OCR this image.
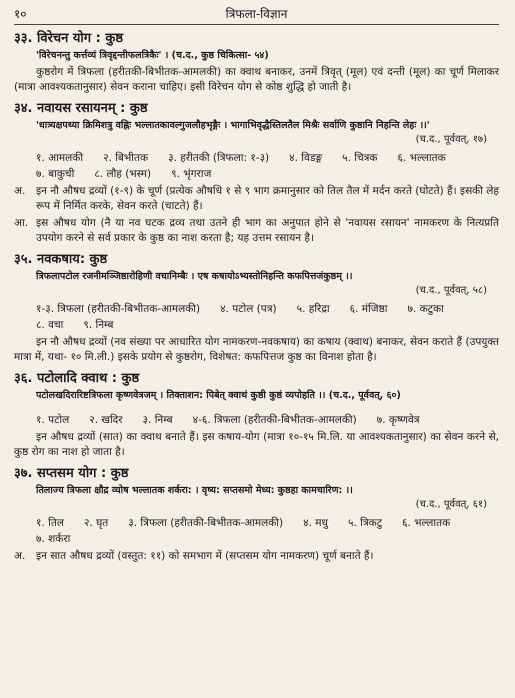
१०	त्रिफला-विज्ञान
३३. विरेचन योग : कुष्ठ
'विरेचनन्तु कर्त्तव्यं त्रिवृद्दन्तीफलत्रिकैः' । (च.द., कुष्ठ चिकित्सा- ५४)
कुष्ठरोग में त्रिफला (हरीतकी-बिभीतक-आमलकी) का क्वाथ बनाकर, उनमें त्रिवृत् (मूल) एवं दन्ती (मूल) का चूर्ण मिलाकर (मात्रा आवश्यकतानुसार) सेवन कराना चाहिए। इसी विरेचन योग से कोष्ठ शुद्धि हो जाती है।
३४. नवायस रसायनम् : कुष्ठ
'धात्र्यक्षपथ्या क्रिमिशत्रु वह्निः भल्लातकावल्गुजलौहभृङ्गैः । भागाभिवृद्धैस्तिलतैल मिश्रैः सर्वाणि कुष्ठानि निहन्ति लेहः ।।'
(च.द., पूर्ववत्, १७)
१. आमलकी २. बिभीतक ३. हरीतकी (त्रिफला: १-३) ४. विडङ्ग ५. चित्रक ६. भल्लातक
७. बाकुची ८. लौह (भस्म) ९. भृंगराज
अ.	इन नौ औषध द्रव्यों (१-९) के चूर्ण (प्रत्येक औषधि १ से ९ भाग क्रमानुसार को तिल तैल में मर्दन करते (घोटते) हैं। इसकी लेह रूप में निर्मित करके, सेवन करते (चाटते) हैं।
आ. इस औषध योग (नै या नव घटक द्रव्य तथा उतने ही भाग का अनुपात होने से 'नवायस रसायन' नामकरण के नित्यप्रति उपयोग करने से सर्व प्रकार के कुष्ठ का नाश करता है; यह उत्तम रसायन है।
३५. नवकषाय: कुष्ठ
त्रिफलापटोल रजनीमञ्जिष्ठारोहिणी वचानिम्बैः । एष कषायोऽभ्यस्तोनिहन्ति कफपित्तजंकुष्ठम् ।।
(च.द., पूर्ववत्, ५८)
१-३. त्रिफला (हरीतकी-बिभीतक-आमलकी) ४. पटोल (पत्र) ५. हरिद्रा ६. मंजिष्ठा ७. कटुका
८. वचा ९. निम्ब
इन नौ औषध द्रव्यों (नव संख्या पर आधारित योग नामकरण-नवकषाय) का कषाय (क्वाथ) बनाकर, सेवन कराते हैं (उपयुक्त मात्रा में, यथा- १० मि.ली.) इसके प्रयोग से कुष्ठरोग, विशेषत: कफपित्तज कुष्ठ का विनाश होता है।
३६. पटोलादि क्वाथ : कुष्ठ
पटोलखदिरारिष्टत्रिफला कृष्णवेत्रजम् । तिक्ताशन: पिबेत् क्वाथं कुष्ठी कुष्ठं व्यपोहति ।। (च.द., पूर्ववत्, ६०)
१. पटोल २. खदिर ३. निम्ब ४-६. त्रिफला (हरीतकी-बिभीतक-आमलकी) ७. कृष्णवेत्र
इन औषध द्रव्यों (सात) का क्वाथ बनाते हैं। इस कषाय-योग (मात्रा १०-१५ मि.लि. या आवश्यकतानुसार) का सेवन करने से, कुष्ठ रोग का नाश हो जाता है।
३७. सप्तसम योग : कुष्ठ
तिलाज्य त्रिफला क्षौद्र व्योष भल्लातक शर्करा: । वृष्य: सप्तसमो मेध्य: कुष्ठहा कामचारिण: ।।
(च.द., पूर्ववत्, ६१)
१. तिल २. घृत ३. त्रिफला (हरीतकी-बिभीतक-आमलकी) ४. मधु ५. त्रिकटु ६. भल्लातक
७. शर्करा
अ.	इन सात औषध द्रव्यों (वस्तुत: ११) को समभाग में (सप्तसम योग नामकरण) चूर्ण बनाते हैं।
